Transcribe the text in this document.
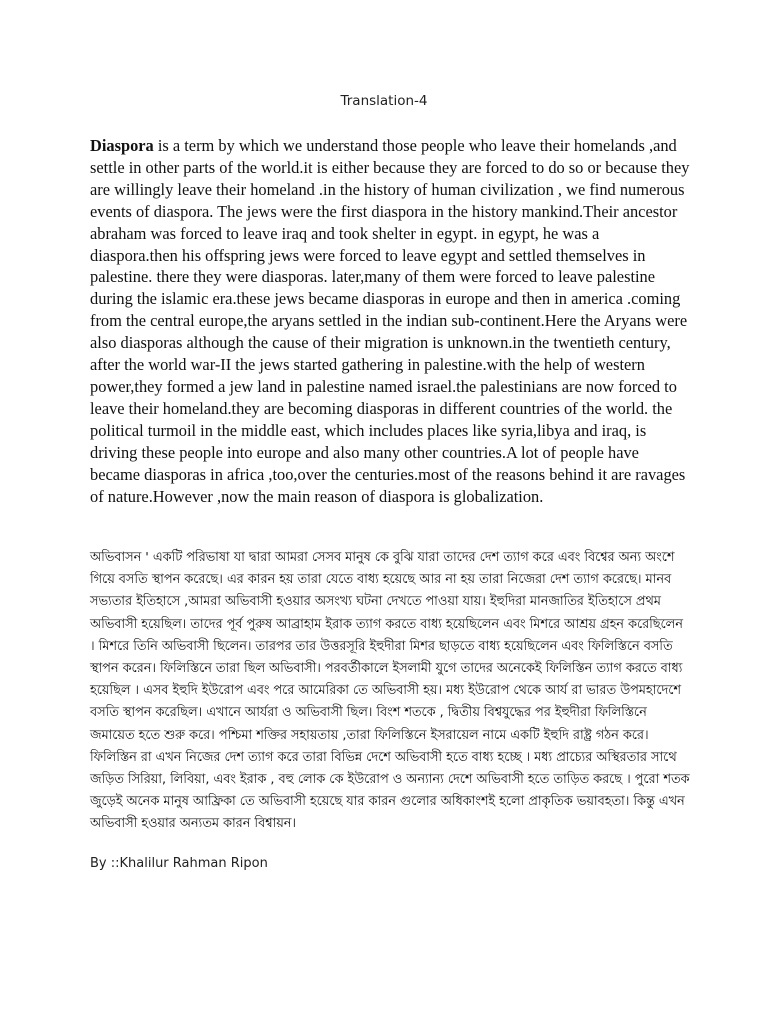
Translation-4
Diaspora is a term by which we understand those people who leave their homelands ,and settle in other parts of the world.it is either because they are forced to do so or because they are willingly leave their homeland .in the history of human civilization , we find numerous events of diaspora. The jews were the first diaspora in the history mankind.Their ancestor abraham was forced to leave iraq and took shelter in egypt. in egypt, he was a diaspora.then his offspring jews were forced to leave egypt and settled themselves in palestine. there they were diasporas. later,many of them were forced to leave palestine during the islamic era.these jews became diasporas in europe and then in america .coming from the central europe,the aryans settled in the indian sub-continent.Here the Aryans were also diasporas although the cause of their migration is unknown.in the twentieth century, after the world war-II the jews started gathering in palestine.with the help of western power,they formed a jew land in palestine named israel.the palestinians are now forced to leave their homeland.they are becoming diasporas in different countries of the world. the political turmoil in the middle east, which includes places like syria,libya and iraq, is driving these people into europe and also many other countries.A lot of people have became diasporas in africa ,too,over the centuries.most of the reasons behind it are ravages of nature.However ,now the main reason of diaspora is globalization.
অভিবাসন ' একটি পরিভাষা যা দ্বারা আমরা সেসব মানুষ কে বুঝি যারা তাদের দেশ ত্যাগ করে এবং বিশ্বের অন্য অংশে গিয়ে বসতি স্থাপন করেছে। এর কারন হয় তারা যেতে বাধ্য হয়েছে আর না হয় তারা নিজেরা দেশ ত্যাগ করেছে। মানব সভ্যতার ইতিহাসে ,আমরা অভিবাসী হওয়ার অসংখ্য ঘটনা দেখতে পাওয়া যায়। ইহুদিরা মানজাতির ইতিহাসে প্রথম অভিবাসী হয়েছিল। তাদের পূর্ব পুরুষ আব্রাহাম ইরাক ত্যাগ করতে বাধ্য হয়েছিলেন এবং মিশরে আশ্রয় গ্রহন করেছিলেন । মিশরে তিনি অভিবাসী ছিলেন। তারপর তার উত্তরসূরি ইহুদীরা মিশর ছাড়তে বাধ্য হয়েছিলেন এবং ফিলিস্তিনে বসতি স্থাপন করেন। ফিলিস্তিনে তারা ছিল অভিবাসী। পরবর্তীকালে ইসলামী যুগে তাদের অনেকেই ফিলিস্তিন ত্যাগ করতে বাধ্য হয়েছিল । এসব ইহুদি ইউরোপ এবং পরে আমেরিকা তে অভিবাসী হয়। মধ্য ইউরোপ থেকে আর্য রা ভারত উপমহাদেশে বসতি স্থাপন করেছিল। এখানে আর্যরা ও অভিবাসী ছিল। বিংশ শতকে , দ্বিতীয় বিশ্বযুদ্ধের পর ইহুদীরা ফিলিস্তিনে জমায়েত হতে শুরু করে। পশ্চিমা শক্তির সহায়তায় ,তারা ফিলিস্তিনে ইসরায়েল নামে একটি ইহুদি রাষ্ট্র গঠন করে। ফিলিস্তিন রা এখন নিজের দেশ ত্যাগ করে তারা বিভিন্ন দেশে অভিবাসী হতে বাধ্য হচ্ছে । মধ্য প্রাচ্যের অস্থিরতার সাথে জড়িত সিরিয়া, লিবিয়া, এবং ইরাক , বহু লোক কে ইউরোপ ও অন্যান্য দেশে অভিবাসী হতে তাড়িত করছে । পুরো শতক জুড়েই অনেক মানুষ আফ্রিকা তে অভিবাসী হয়েছে যার কারন গুলোর অধিকাংশই হলো প্রাকৃতিক ভয়াবহতা। কিন্তু এখন অভিবাসী হওয়ার অন্যতম কারন বিশ্বায়ন।
By ::Khalilur Rahman Ripon
